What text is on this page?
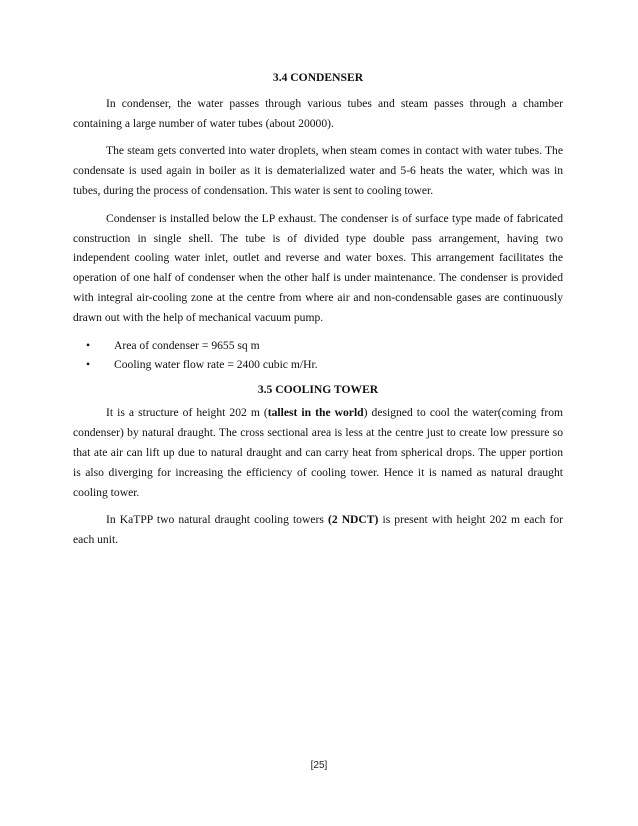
3.4 CONDENSER

In condenser, the water passes through various tubes and steam passes through a chamber containing a large number of water tubes (about 20000).

The steam gets converted into water droplets, when steam comes in contact with water tubes. The condensate is used again in boiler as it is dematerialized water and 5-6 heats the water, which was in tubes, during the process of condensation. This water is sent to cooling tower.

Condenser is installed below the LP exhaust. The condenser is of surface type made of fabricated construction in single shell. The tube is of divided type double pass arrangement, having two independent cooling water inlet, outlet and reverse and water boxes. This arrangement facilitates the operation of one half of condenser when the other half is under maintenance. The condenser is provided with integral air-cooling zone at the centre from where air and non-condensable gases are continuously drawn out with the help of mechanical vacuum pump.

• Area of condenser = 9655 sq m
• Cooling water flow rate = 2400 cubic m/Hr.
3.5 COOLING TOWER

It is a structure of height 202 m (tallest in the world) designed to cool the water(coming from condenser) by natural draught. The cross sectional area is less at the centre just to create low pressure so that ate air can lift up due to natural draught and can carry heat from spherical drops. The upper portion is also diverging for increasing the efficiency of cooling tower. Hence it is named as natural draught cooling tower.

In KaTPP two natural draught cooling towers (2 NDCT) is present with height 202 m each for each unit.

[25]
